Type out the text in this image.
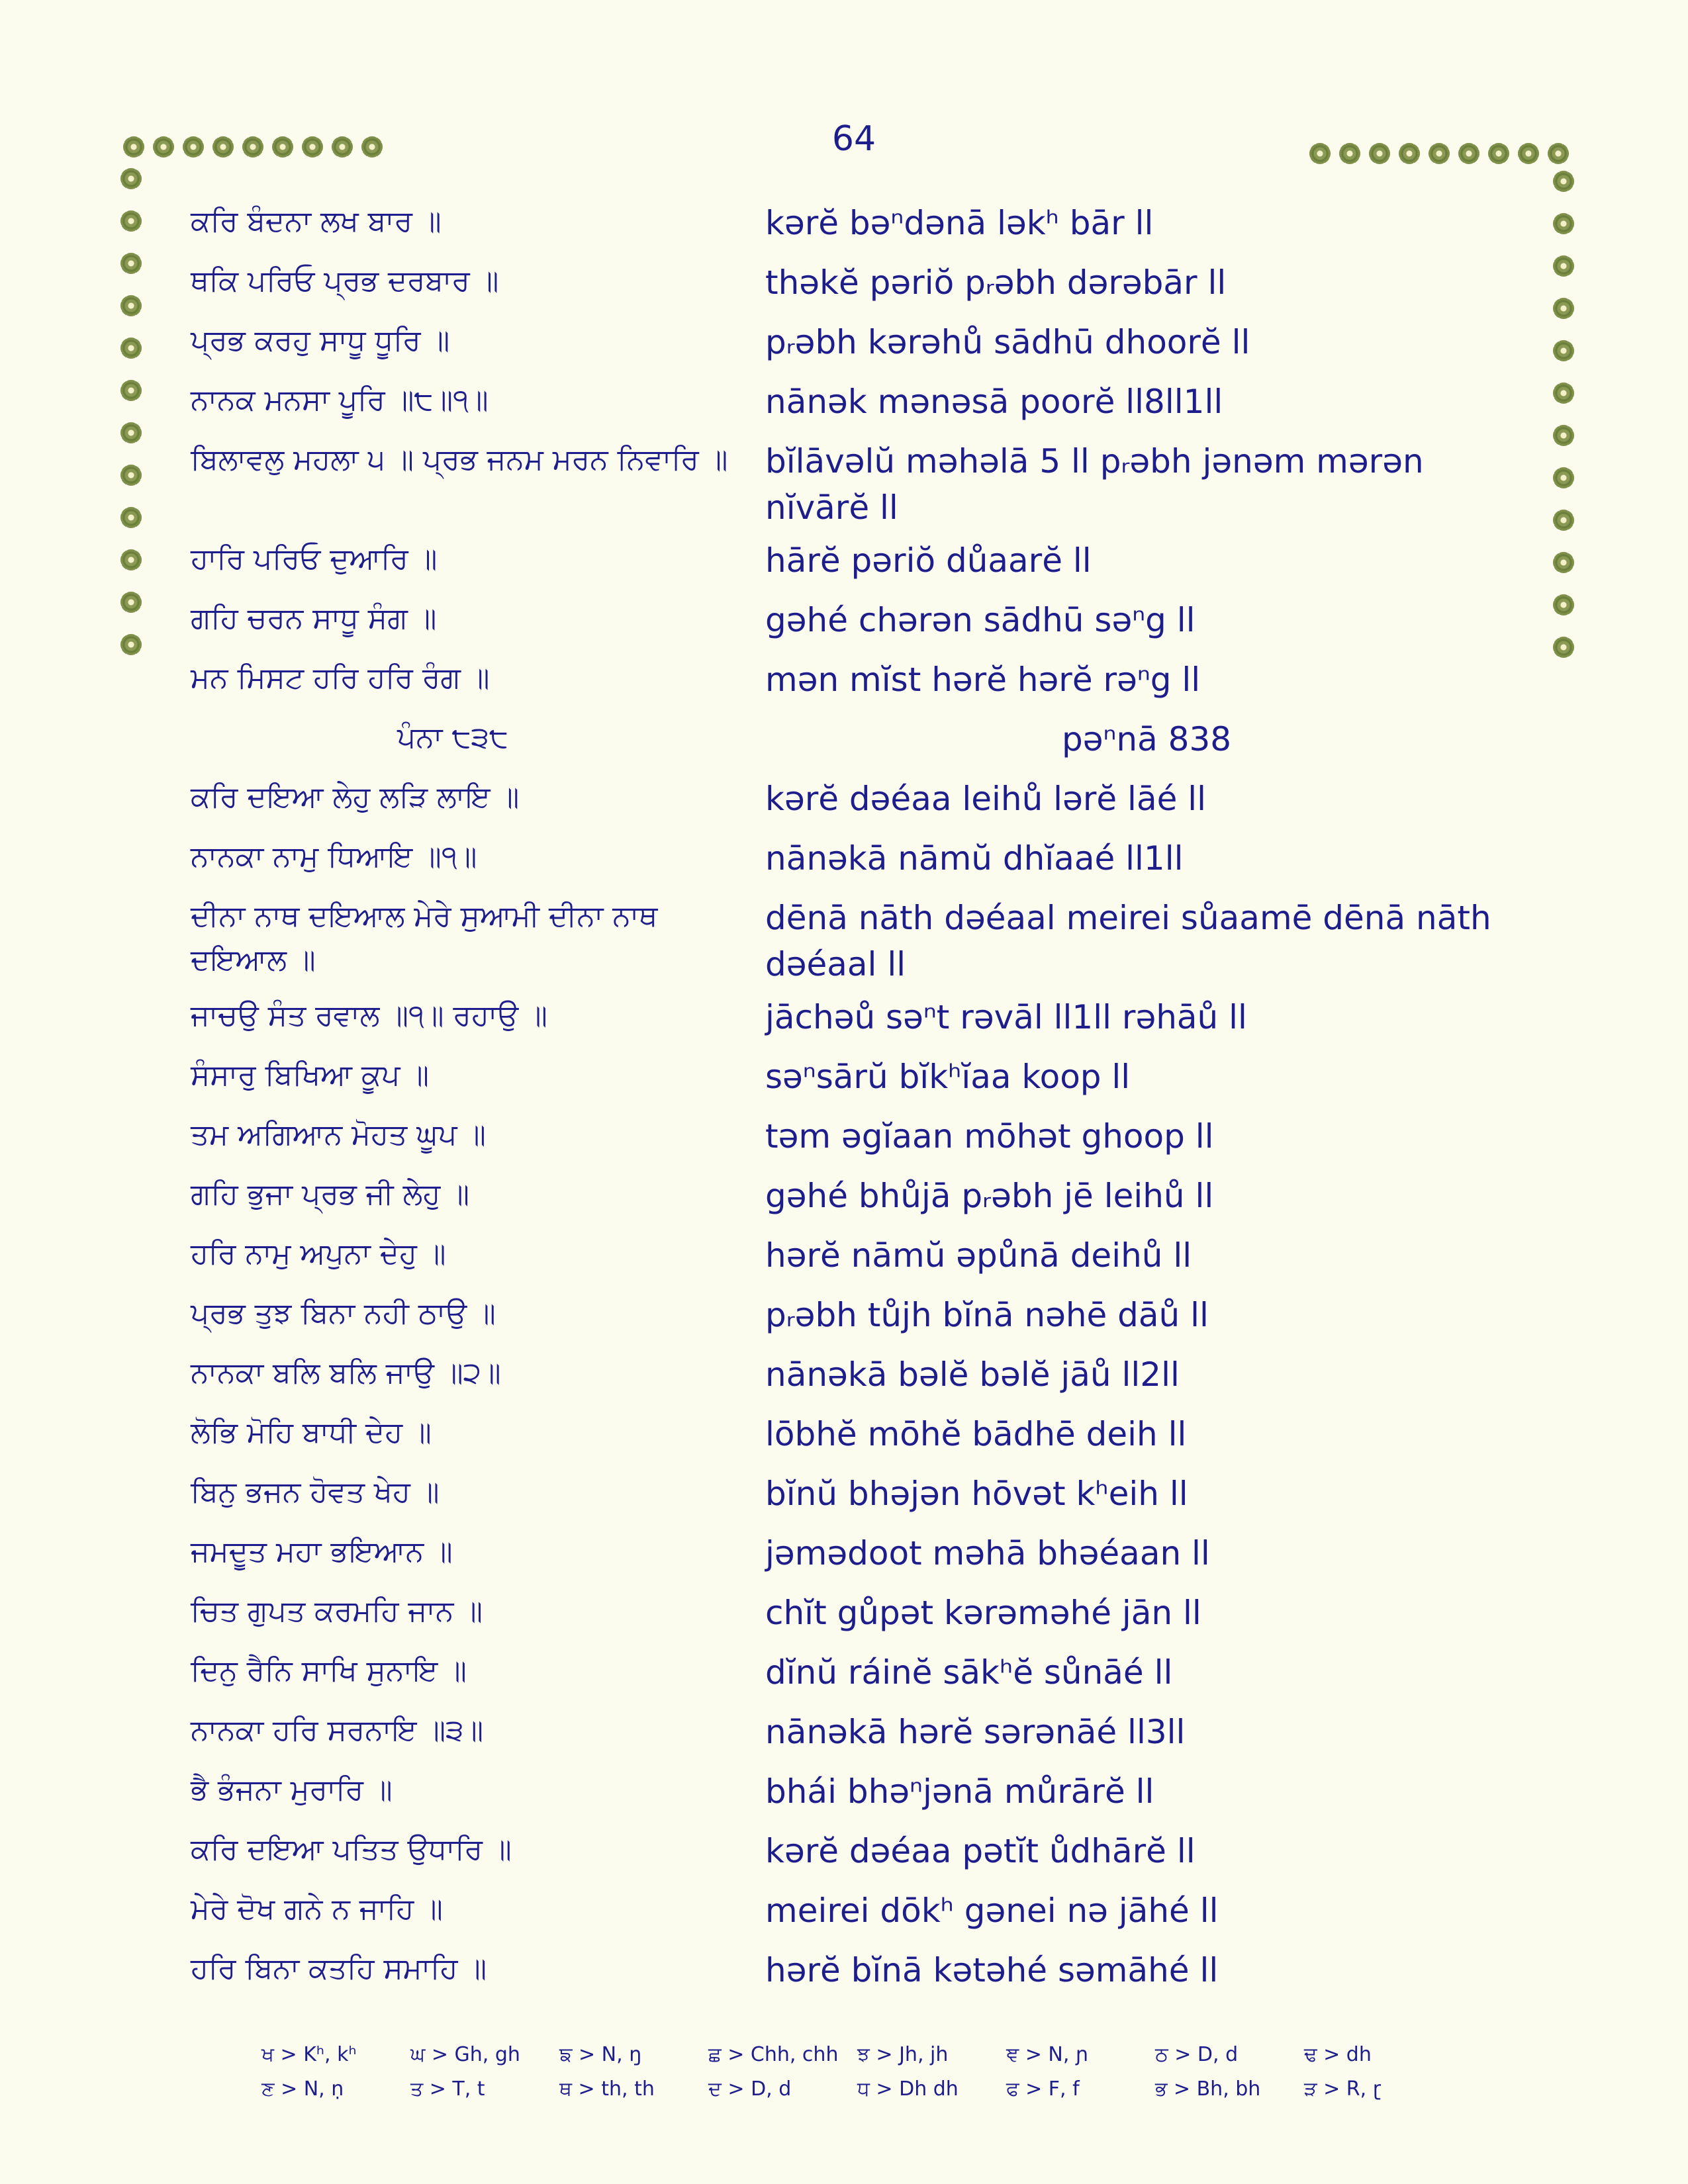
64
ਕਰਿ ਬੰਦਨਾ ਲਖ ਬਾਰ ॥	kərĕ bəⁿdənā ləkʰ bār ll
ਥਕਿ ਪਰਿਓ ਪ੍ਰਭ ਦਰਬਾਰ ॥	thəkĕ pəriŏ pᵣəbh dərəbār ll
ਪ੍ਰਭ ਕਰਹੁ ਸਾਧੂ ਧੂਰਿ ॥	pᵣəbh kərəhů sādhū dhoorĕ ll
ਨਾਨਕ ਮਨਸਾ ਪੂਰਿ ॥੮॥੧॥	nānək mənəsā poorĕ ll8ll1ll
ਬਿਲਾਵਲੁ ਮਹਲਾ ੫ ॥ ਪ੍ਰਭ ਜਨਮ ਮਰਨ ਨਿਵਾਰਿ ॥ bĭlāvəlŭ məhəlā 5 ll pᵣəbh jənəm mərən nĭvārĕ ll
ਹਾਰਿ ਪਰਿਓ ਦੁਆਰਿ ॥	hārĕ pəriŏ důaarĕ ll
ਗਹਿ ਚਰਨ ਸਾਧੂ ਸੰਗ ॥	gəhé chərən sādhū səⁿg ll
ਮਨ ਮਿਸਟ ਹਰਿ ਹਰਿ ਰੰਗ ॥	mən mĭst hərĕ hərĕ rəⁿg ll
ਪੰਨਾ ੮੩੮	pəⁿnā 838
ਕਰਿ ਦਇਆ ਲੇਹੁ ਲੜਿ ਲਾਇ ॥	kərĕ dəéaa leihů lərĕ lāé ll
ਨਾਨਕਾ ਨਾਮੁ ਧਿਆਇ ॥੧॥	nānəkā nāmŭ dhĭaaé ll1ll
ਦੀਨਾ ਨਾਥ ਦਇਆਲ ਮੇਰੇ ਸੁਆਮੀ ਦੀਨਾ ਨਾਥ ਦਇਆਲ ॥
dēnā nāth dəéaal meirei sůaamē dēnā nāth dəéaal ll
ਜਾਚਉ ਸੰਤ ਰਵਾਲ ॥੧॥ ਰਹਾਉ ॥	jāchəů səⁿt rəvāl ll1ll rəhāů ll
ਸੰਸਾਰੁ ਬਿਖਿਆ ਕੂਪ ॥	səⁿsārŭ bĭkʰĭaa koop ll
ਤਮ ਅਗਿਆਨ ਮੋਹਤ ਘੂਪ ॥	təm əgĭaan mōhət ghoop ll
ਗਹਿ ਭੁਜਾ ਪ੍ਰਭ ਜੀ ਲੇਹੁ ॥	gəhé bhůjā pᵣəbh jē leihů ll
ਹਰਿ ਨਾਮੁ ਅਪੁਨਾ ਦੇਹੁ ॥	hərĕ nāmŭ əpůnā deihů ll
ਪ੍ਰਭ ਤੁਝ ਬਿਨਾ ਨਹੀ ਠਾਉ ॥	pᵣəbh tůjh bĭnā nəhē dāů ll
ਨਾਨਕਾ ਬਲਿ ਬਲਿ ਜਾਉ ॥੨॥	nānəkā bəlĕ bəlĕ jāů ll2ll
ਲੋਭਿ ਮੋਹਿ ਬਾਧੀ ਦੇਹ ॥	lōbhĕ mōhĕ bādhē deih ll
ਬਿਨੁ ਭਜਨ ਹੋਵਤ ਖੇਹ ॥	bĭnŭ bhəjən hōvət kʰeih ll
ਜਮਦੂਤ ਮਹਾ ਭਇਆਨ ॥	jəmədoot məhā bhəéaan ll
ਚਿਤ ਗੁਪਤ ਕਰਮਹਿ ਜਾਨ ॥	chĭt gůpət kərəməhé jān ll
ਦਿਨੁ ਰੈਨਿ ਸਾਖਿ ਸੁਨਾਇ ॥	dĭnŭ ráinĕ sākʰĕ sůnāé ll
ਨਾਨਕਾ ਹਰਿ ਸਰਨਾਇ ॥੩॥	nānəkā hərĕ sərənāé ll3ll
ਭੈ ਭੰਜਨਾ ਮੁਰਾਰਿ ॥	bhái bhəⁿjənā můrārĕ ll
ਕਰਿ ਦਇਆ ਪਤਿਤ ਉਧਾਰਿ ॥	kərĕ dəéaa pətĭt ůdhārĕ ll
ਮੇਰੇ ਦੋਖ ਗਨੇ ਨ ਜਾਹਿ ॥	meirei dōkʰ gənei nə jāhé ll
ਹਰਿ ਬਿਨਾ ਕਤਹਿ ਸਮਾਹਿ ॥	hərĕ bĭnā kətəhé səmāhé ll
ਖ > Kʰ, kʰ	ਘ > Gh, gh	ਙ > N, ŋ	ਛ > Chh, chh ਝ > Jh, jh	ਞ > N, ɲ	ਠ > D, d	ਢ > dh
ਣ > N, ṇ	ਤ > T, t	ਥ > th, th	ਦ > D, d	ਧ > Dh dh	ਫ > F, f	ਭ > Bh, bh	ੜ > R, ɽ
